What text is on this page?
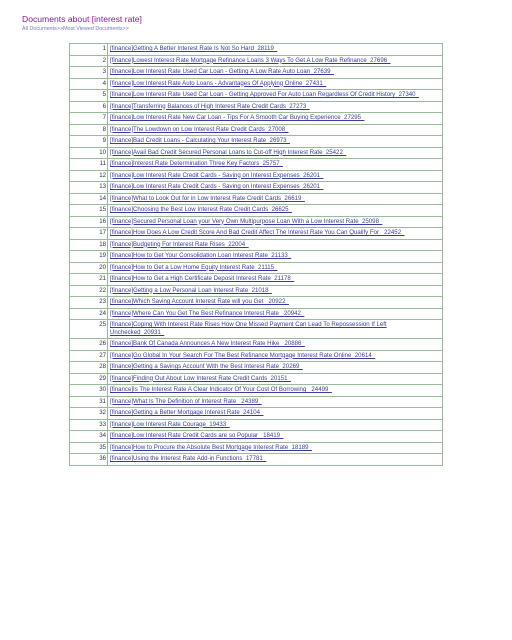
Documents about [interest rate]
All Documents>>Most Viewed Documents>>
1	[finance]Getting A Better Interest Rate Is Not So Hard_28119_
2	[finance]Lowest Interest Rate Mortgage Refinance Loans 3 Ways To Get A Low Rate Refinance_27696_
3	[finance]Low Interest Rate Used Car Loan - Getting A Low Rate Auto Loan_27639_
4	[finance]Low Interest Rate Auto Loans - Advantages Of Applying Online_27431_
5	[finance]Low Interest Rate Used Car Loan - Getting Approved For Auto Loan Regardless Of Credit History_27340_
6	[finance]Transferring Balances of High Interest Rate Credit Cards_27273_
7	[finance]Low Interest Rate New Car Loan - Tips For A Smooth Car Buying Experience_27295_
8	[finance]The Lowdown on Low Interest Rate Credit Cards_27008_
9	[finance]Bad Credit Loans - Calculating Your Interest Rate_26973_
10	[finance]Avail Bad Credit Secured Personal Loans to Cut-off High Interest Rate_25422_
11	[finance]Interest Rate Determination Three Key Factors_25757_
12	[finance]Low Interest Rate Credit Cards - Saving on Interest Expenses_26201_
13	[finance]Low Interest Rate Credit Cards - Saving on Interest Expenses_26201_
14	[finance]What to Look Out for in Low Interest Rate Credit Cards_26619_
15	[finance]Choosing the Best Low Interest Rate Credit Cards_26625_
16	[finance]Secured Personal Loan your Very Own Multipurpose Loan With a Low Interest Rate_25098_
17	[finance]How Does A Low Credit Score And Bad Credit Affect The Interest Rate You Can Qualify For _22452_
18	[finance]Budgeting For Interest Rate Rises_22004_
19	[finance]How to Get Your Consolidation Loan Interest Rate_21133_
20	[finance]How to Get a Low Home Equity Interest Rate_21115_
21	[finance]How to Get a High Certificate Deposit Interest Rate_21178_
22	[finance]Getting a Low Personal Loan Interest Rate_21018_
23	[finance]Which Saving Account Interest Rate will you Get _20922_
24	[finance]Where Can You Get The Best Refinance Interest Rate _20942_
25	[finance]Coping With Interest Rate Rises How One Missed Payment Can Lead To Repossession If Left Unchecked_20931_
26	[finance]Bank Of Canada Announces A New Interest Rate Hike _20886_
27	[finance]Go Global In Your Search For The Best Refinance Mortgage Interest Rate Online_20614_
28	[finance]Getting a Savings Account With the Best Interest Rate_20269_
29	[finance]Finding Out About Low Interest Rate Credit Cards_20151_
30	[finance]Is The Interest Rate A Clear Indicator Of Your Cost Of Borrowing _24499_
31	[finance]What Is The Definition of Interest Rate _24389_
32	[finance]Getting a Better Mortgage Interest Rate_24104_
33	[finance]Low Interest Rate Courage_19433_
34	[finance]Low Interest Rate Credit Cards are so Popular _18419_
35	[finance]How to Procure the Absolute Best Mortgage Interest Rate_18189_
36	[finance]Using the Interest Rate Add-in Functions_17781_
